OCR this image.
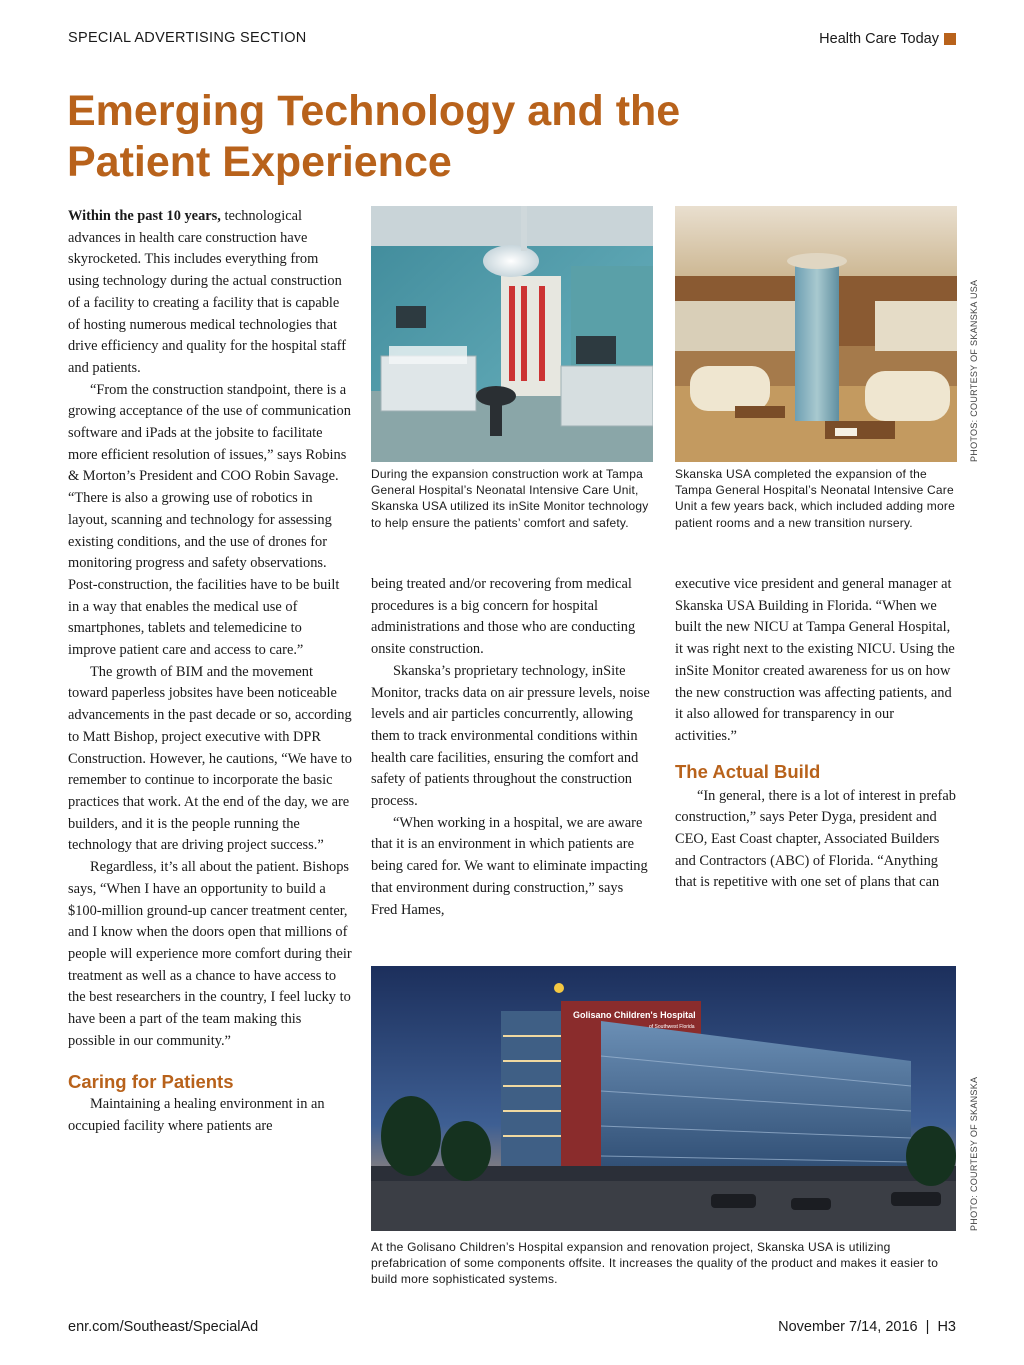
SPECIAL ADVERTISING SECTION	Health Care Today
Emerging Technology and the Patient Experience

Within the past 10 years, technological advances in health care construction have skyrocketed. This includes everything from using technology during the actual construction of a facility to creating a facility that is capable of hosting numerous medical technologies that drive efficiency and quality for the hospital staff and patients.

“From the construction standpoint, there is a growing acceptance of the use of communication software and iPads at the jobsite to facilitate more efficient resolution of issues,” says Robins & Morton’s President and COO Robin Savage. “There is also a growing use of robotics in layout, scanning and technology for assessing existing conditions, and the use of drones for monitoring progress and safety observations. Post-construction, the facilities have to be built in a way that enables the medical use of smartphones, tablets and telemedicine to improve patient care and access to care.”

The growth of BIM and the movement toward paperless jobsites have been noticeable advancements in the past decade or so, according to Matt Bishop, project executive with DPR Construction. However, he cautions, “We have to remember to continue to incorporate the basic practices that work. At the end of the day, we are builders, and it is the people running the technology that are driving project success.”

Regardless, it’s all about the patient. Bishops says, “When I have an opportunity to build a $100-million ground-up cancer treatment center, and I know when the doors open that millions of people will experience more comfort during their treatment as well as a chance to have access to the best researchers in the country, I feel lucky to have been a part of the team making this possible in our community.”

Caring for Patients

Maintaining a healing environment in an occupied facility where patients are

During the expansion construction work at Tampa General Hospital’s Neonatal Intensive Care Unit, Skanska USA utilized its inSite Monitor technology to help ensure the patients’ comfort and safety.
Skanska USA completed the expansion of the Tampa General Hospital’s Neonatal Intensive Care Unit a few years back, which included adding more patient rooms and a new transition nursery.
PHOTOS: COURTESY OF SKANSKA USA

being treated and/or recovering from medical procedures is a big concern for hospital administrations and those who are conducting onsite construction.

Skanska’s proprietary technology, inSite Monitor, tracks data on air pressure levels, noise levels and air particles concurrently, allowing them to track environmental conditions within health care facilities, ensuring the comfort and safety of patients throughout the construction process.

“When working in a hospital, we are aware that it is an environment in which patients are being cared for. We want to eliminate impacting that environment during construction,” says Fred Hames,

executive vice president and general manager at Skanska USA Building in Florida. “When we built the new NICU at Tampa General Hospital, it was right next to the existing NICU. Using the inSite Monitor created awareness for us on how the new construction was affecting patients, and it also allowed for transparency in our activities.”

The Actual Build

“In general, there is a lot of interest in prefab construction,” says Peter Dyga, president and CEO, East Coast chapter, Associated Builders and Contractors (ABC) of Florida. “Anything that is repetitive with one set of plans that can

Golisano Children's Hospital
of Southwest Florida
At the Golisano Children’s Hospital expansion and renovation project, Skanska USA is utilizing prefabrication of some components offsite. It increases the quality of the product and makes it easier to build more sophisticated systems.
PHOTO: COURTESY OF SKANSKA
enr.com/Southeast/SpecialAd	November 7/14, 2016  |  H3
